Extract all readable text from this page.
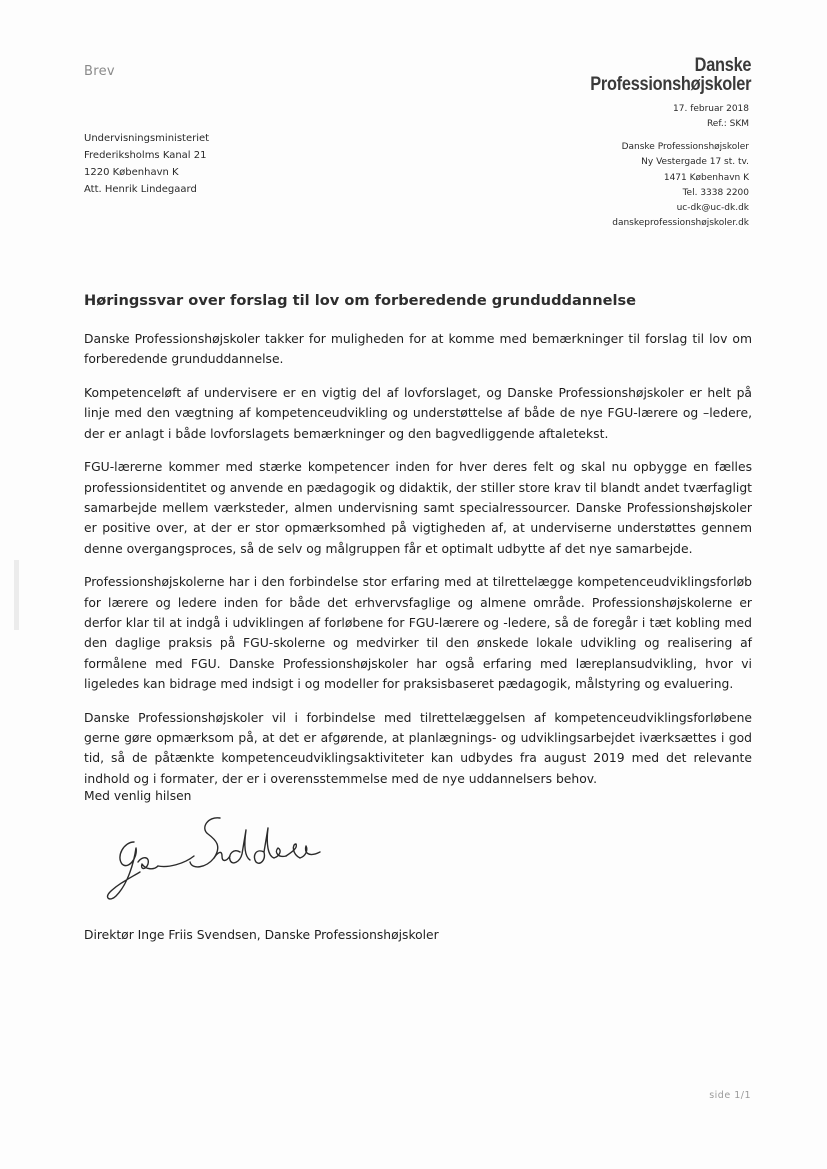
Brev	Danske
Professionshøjskoler
17. februar 2018
Ref.: SKM
Undervisningsministeriet
Frederiksholms Kanal 21
1220 København K
Att. Henrik Lindegaard
Danske Professionshøjskoler
Ny Vestergade 17 st. tv.
1471 København K
Tel. 3338 2200
uc-dk@uc-dk.dk
danskeprofessionshøjskoler.dk
Høringssvar over forslag til lov om forberedende grunduddannelse

Danske Professionshøjskoler takker for muligheden for at komme med bemærkninger til forslag til lov om forberedende grunduddannelse.

Kompetenceløft af undervisere er en vigtig del af lovforslaget, og Danske Professionshøjskoler er helt på linje med den vægtning af kompetenceudvikling og understøttelse af både de nye FGU-lærere og –ledere, der er anlagt i både lovforslagets bemærkninger og den bagvedliggende aftaletekst.

FGU-lærerne kommer med stærke kompetencer inden for hver deres felt og skal nu opbygge en fælles professionsidentitet og anvende en pædagogik og didaktik, der stiller store krav til blandt andet tværfagligt samarbejde mellem værksteder, almen undervisning samt specialressourcer. Danske Professionshøjskoler er positive over, at der er stor opmærksomhed på vigtigheden af, at underviserne understøttes gennem denne overgangsproces, så de selv og målgruppen får et optimalt udbytte af det nye samarbejde.

Professionshøjskolerne har i den forbindelse stor erfaring med at tilrettelægge kompetenceudviklingsforløb for lærere og ledere inden for både det erhvervsfaglige og almene område. Professionshøjskolerne er derfor klar til at indgå i udviklingen af forløbene for FGU-lærere og -ledere, så de foregår i tæt kobling med den daglige praksis på FGU-skolerne og medvirker til den ønskede lokale udvikling og realisering af formålene med FGU. Danske Professionshøjskoler har også erfaring med læreplansudvikling, hvor vi ligeledes kan bidrage med indsigt i og modeller for praksisbaseret pædagogik, målstyring og evaluering.

Danske Professionshøjskoler vil i forbindelse med tilrettelæggelsen af kompetenceudviklingsforløbene gerne gøre opmærksom på, at det er afgørende, at planlægnings- og udviklingsarbejdet iværksættes i god tid, så de påtænkte kompetenceudviklingsaktiviteter kan udbydes fra august 2019 med det relevante indhold og i formater, der er i overensstemmelse med de nye uddannelsers behov.

Med venlig hilsen
Direktør Inge Friis Svendsen, Danske Professionshøjskoler
side 1/1
